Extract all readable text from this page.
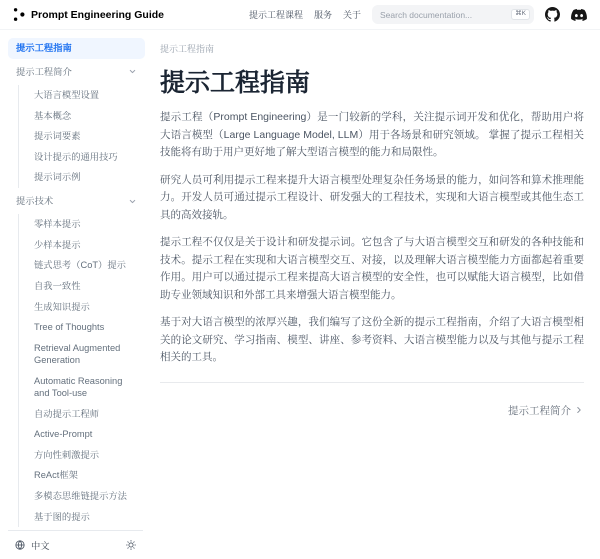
Prompt Engineering Guide	提示工程课程 服务 关于
Search documentation...	⌘K
提示工程指南
提示工程简介
大语言模型设置
基本概念
提示词要素
设计提示的通用技巧
提示词示例
提示技术
零样本提示
少样本提示
链式思考（CoT）提示
自我一致性
生成知识提示
Tree of Thoughts
Retrieval Augmented Generation
Automatic Reasoning and Tool-use
自动提示工程师
Active-Prompt
方向性刺激提示
ReAct框架
多模态思维链提示方法
基于图的提示
中文
提示工程指南
提示工程指南

提示工程（Prompt Engineering）是一门较新的学科，关注提示词开发和优化，帮助用户将大语言模型（Large Language Model, LLM）用于各场景和研究领域。 掌握了提示工程相关技能将有助于用户更好地了解大型语言模型的能力和局限性。

研究人员可利用提示工程来提升大语言模型处理复杂任务场景的能力，如问答和算术推理能力。开发人员可通过提示工程设计、研发强大的工程技术，实现和大语言模型或其他生态工具的高效接轨。

提示工程不仅仅是关于设计和研发提示词。它包含了与大语言模型交互和研发的各种技能和技术。提示工程在实现和大语言模型交互、对接，以及理解大语言模型能力方面都起着重要作用。用户可以通过提示工程来提高大语言模型的安全性，也可以赋能大语言模型，比如借助专业领域知识和外部工具来增强大语言模型能力。

基于对大语言模型的浓厚兴趣，我们编写了这份全新的提示工程指南，介绍了大语言模型相关的论文研究、学习指南、模型、讲座、参考资料、大语言模型能力以及与其他与提示工程相关的工具。

提示工程简介
